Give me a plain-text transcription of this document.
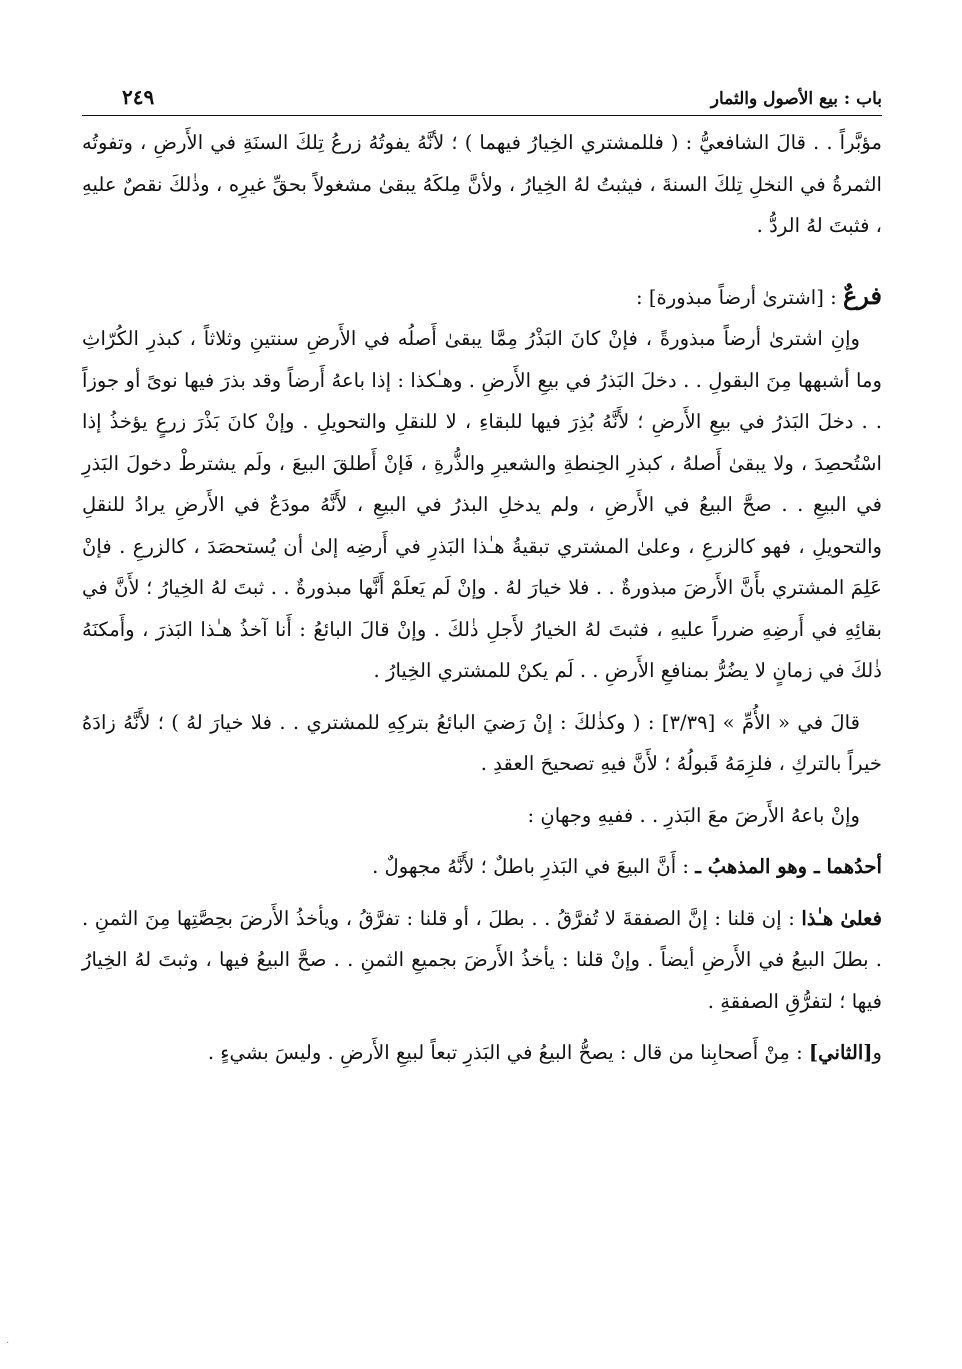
باب : بيع الأصول والثمار
٢٤٩

مؤبَّراً . . قالَ الشافعيُّ : ( فللمشتري الخِيارُ فيهما ) ؛ لأنَّهُ يفوتُهُ زرعُ تِلكَ السنَةِ في الأَرضِ ، وتفوتُه الثمرةُ في النخلِ تِلكَ السنةَ ، فيثبتُ لهُ الخِيارُ ، ولأنَّ مِلكَهُ يبقىٰ مشغولاً بحقِّ غيرِه ، وذٰلكَ نقصٌ عليهِ ، فثبتَ لهُ الردُّ .

فرعٌ : [اشترىٰ أرضاً مبذورة] :

وإنِ اشترىٰ أرضاً مبذورةً ، فإنْ كانَ البَذْرُ مِمَّا يبقىٰ أَصلُه في الأَرضِ سنتينِ وثلاثاً ، كبذرِ الكُرّاثِ وما أشبهها مِنَ البقولِ . . دخلَ البَذرُ في بيعِ الأَرضِ . وهـٰكذا : إذا باعهُ أَرضاً وقد بذرَ فيها نوىً أو جوزاً . . دخلَ البَذرُ في بيعِ الأَرضِ ؛ لأَنَّهُ بُذِرَ فيها للبقاءِ ، لا للنقلِ والتحويلِ . وإنْ كانَ بَذْرَ زرعٍ يؤخذُ إذا اسْتُحصِدَ ، ولا يبقىٰ أَصلهُ ، كبذرِ الحِنطةِ والشعيرِ والذُّرةِ ، فَإنْ أَطلقَ البيعَ ، ولَم يشترطْ دخولَ البَذرِ في البيعِ . . صحَّ البيعُ في الأَرضِ ، ولم يدخلِ البذرُ في البيعِ ، لأَنَّهُ مودَعٌ في الأَرضِ يرادُ للنقلِ والتحويلِ ، فهو كالزرعِ ، وعلىٰ المشتري تبقيةُ هـٰذا البَذرِ في أَرضِه إلىٰ أن يُستحصَدَ ، كالزرعِ . فإنْ عَلِمَ المشتري بأَنَّ الأَرضَ مبذورةٌ . . فلا خيارَ لهُ . وإنْ لَم يَعلَمْ أَنَّها مبذورةٌ . . ثبتَ لهُ الخِيارُ ؛ لأَنَّ في بقائِهِ في أَرضِهِ ضرراً عليهِ ، فثبتَ لهُ الخيارُ لأَجلِ ذٰلكَ . وإنْ قالَ البائعُ : أَنا آخذُ هـٰذا البَذرَ ، وأَمكنَهُ ذٰلكَ في زمانٍ لا يضُرُّ بمنافعِ الأَرضِ . . لَم يكنْ للمشتري الخِيارُ .

قالَ في « الأُمِّ » [٣/٣٩] : ( وكذٰلكَ : إنْ رَضيَ البائعُ بتركِهِ للمشتري . . فلا خيارَ لهُ ) ؛ لأَنَّهُ زادَهُ خيراً بالتركِ ، فلزِمَهُ قَبولُهُ ؛ لأَنَّ فيهِ تصحيحَ العقدِ .

وإنْ باعهُ الأَرضَ معَ البَذرِ . . ففيهِ وجهانِ :

أحدُهما ـ وهو المذهبُ ـ : أَنَّ البيعَ في البَذرِ باطلٌ ؛ لأَنَّهُ مجهولٌ .

فعلىٰ هـٰذا : إن قلنا : إنَّ الصفقةَ لا تُفرَّقُ . . بطلَ ، أو قلنا : تفرَّقُ ، ويأخذُ الأَرضَ بحِصَّتِها مِنَ الثمنِ . . بطلَ البيعُ في الأَرضِ أيضاً . وإنْ قلنا : يأخذُ الأَرضَ بجميعِ الثمنِ . . صحَّ البيعُ فيها ، وثبتَ لهُ الخِيارُ فيها ؛ لتفرُّقِ الصفقةِ .

و[الثاني] : مِنْ أَصحابِنا من قال : يصحُّ البيعُ في البَذرِ تبعاً لبيعِ الأَرضِ . وليسَ بشيءٍ .

·
